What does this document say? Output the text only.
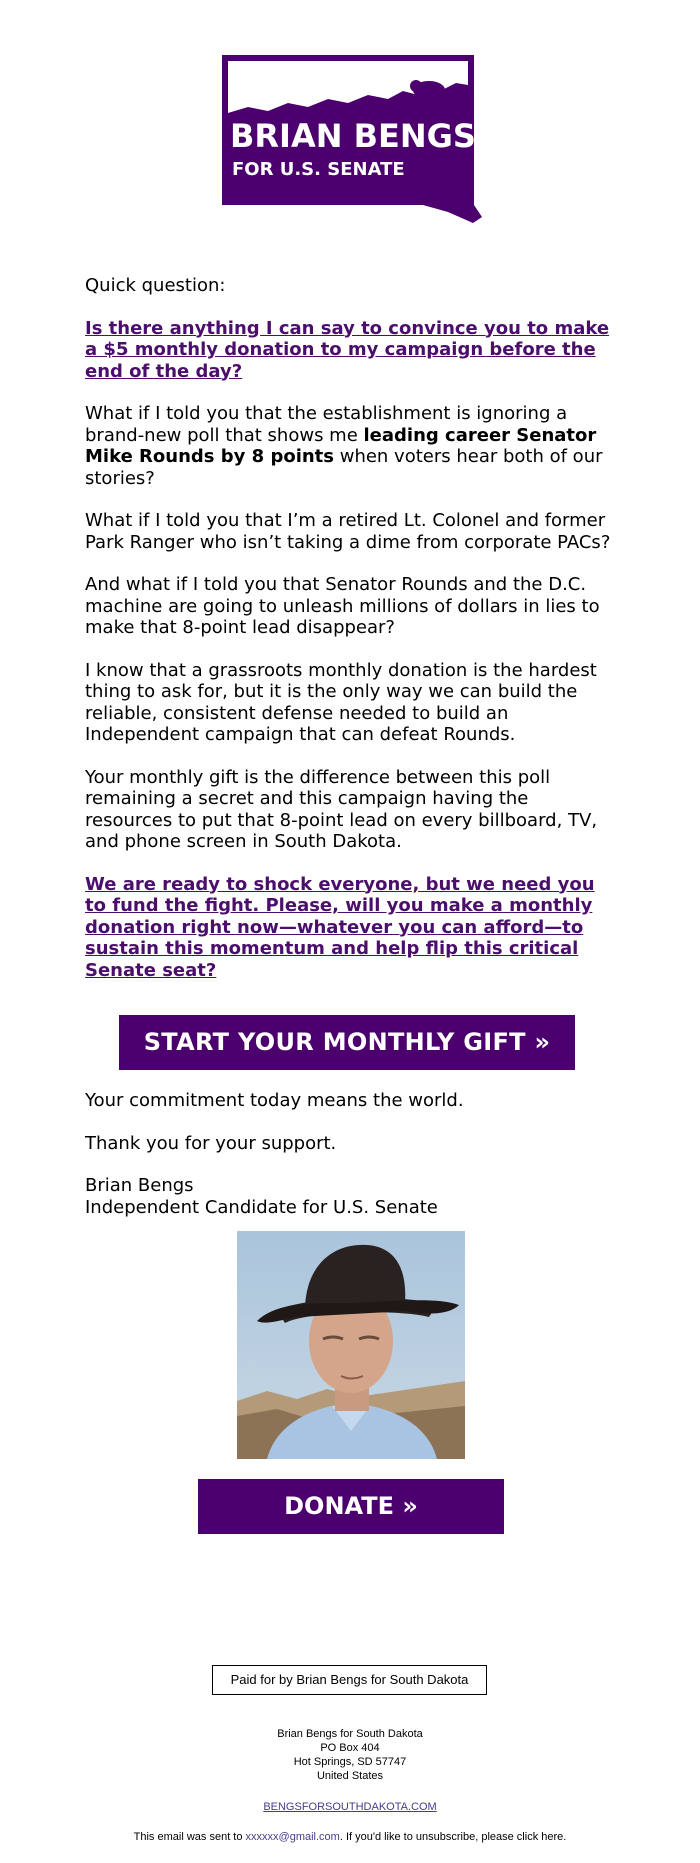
BRIAN BENGS
FOR U.S. SENATE

Quick question:

Is there anything I can say to convince you to make a $5 monthly donation to my campaign before the end of the day?

What if I told you that the establishment is ignoring a brand-new poll that shows me leading career Senator Mike Rounds by 8 points when voters hear both of our stories?

What if I told you that I’m a retired Lt. Colonel and former Park Ranger who isn’t taking a dime from corporate PACs?

And what if I told you that Senator Rounds and the D.C. machine are going to unleash millions of dollars in lies to make that 8-point lead disappear?

I know that a grassroots monthly donation is the hardest thing to ask for, but it is the only way we can build the reliable, consistent defense needed to build an Independent campaign that can defeat Rounds.

Your monthly gift is the difference between this poll remaining a secret and this campaign having the resources to put that 8-point lead on every billboard, TV, and phone screen in South Dakota.

We are ready to shock everyone, but we need you to fund the fight. Please, will you make a monthly donation right now—whatever you can afford—to sustain this momentum and help flip this critical Senate seat?

START YOUR MONTHLY GIFT »

Your commitment today means the world.

Thank you for your support.

Brian Bengs
Independent Candidate for U.S. Senate

DONATE »
Paid for by Brian Bengs for South Dakota
Brian Bengs for South Dakota
PO Box 404
Hot Springs, SD 57747
United States
BENGSFORSOUTHDAKOTA.COM
This email was sent to xxxxxx@gmail.com. If you'd like to unsubscribe, please click here.
